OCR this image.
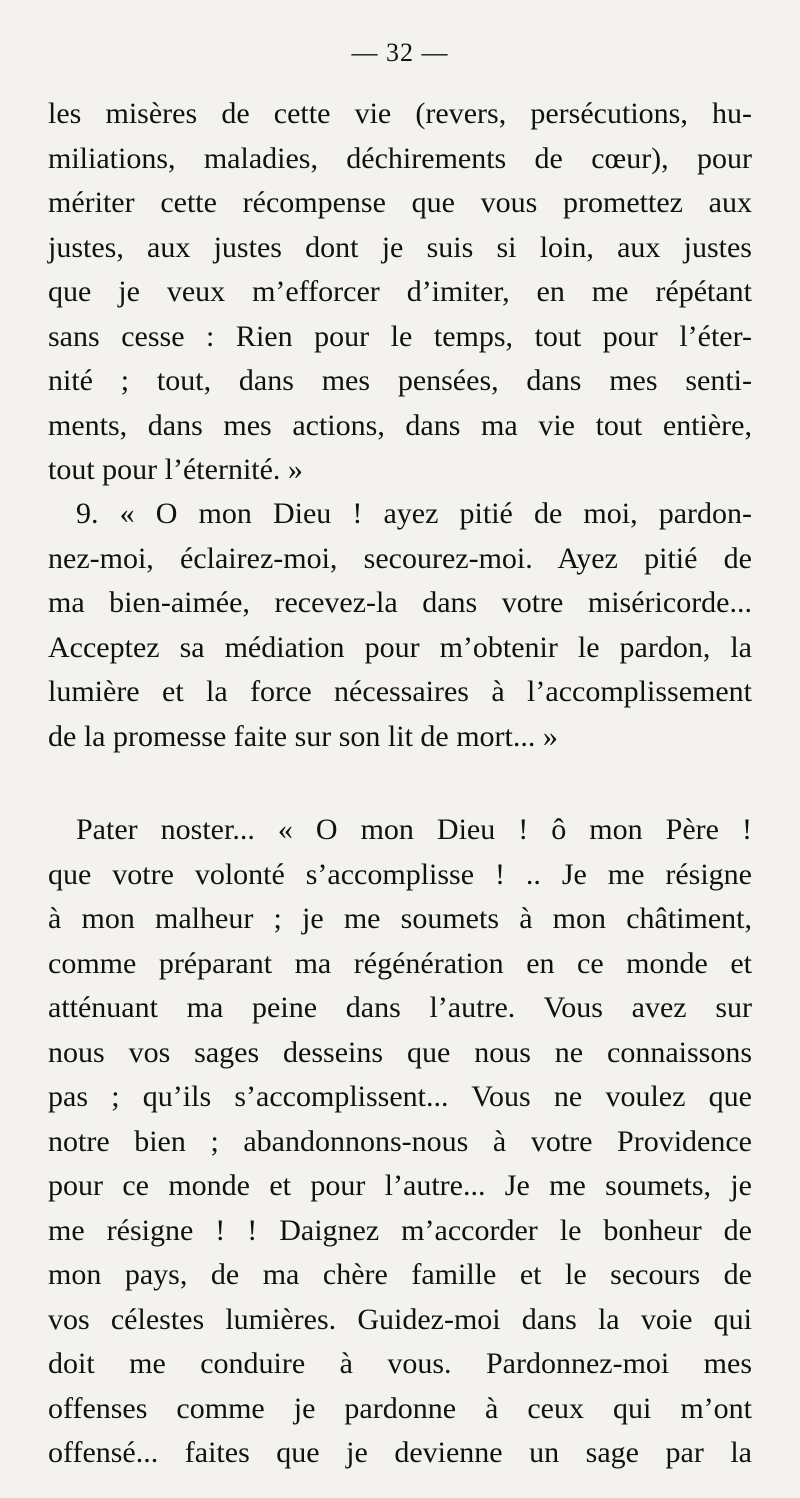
— 32 —
les misères de cette vie (revers, persécutions, hu-
miliations, maladies, déchirements de cœur), pour
mériter cette récompense que vous promettez aux
justes, aux justes dont je suis si loin, aux justes
que je veux m’efforcer d’imiter, en me répétant
sans cesse : Rien pour le temps, tout pour l’éter-
nité ; tout, dans mes pensées, dans mes senti-
ments, dans mes actions, dans ma vie tout entière,
tout pour l’éternité. »
9. « O mon Dieu ! ayez pitié de moi, pardon-
nez-moi, éclairez-moi, secourez-moi. Ayez pitié de
ma bien-aimée, recevez-la dans votre miséricorde...
Acceptez sa médiation pour m’obtenir le pardon, la
lumière et la force nécessaires à l’accomplissement
de la promesse faite sur son lit de mort... »
Pater noster... « O mon Dieu ! ô mon Père !
que votre volonté s’accomplisse ! .. Je me résigne
à mon malheur ; je me soumets à mon châtiment,
comme préparant ma régénération en ce monde et
atténuant ma peine dans l’autre. Vous avez sur
nous vos sages desseins que nous ne connaissons
pas ; qu’ils s’accomplissent... Vous ne voulez que
notre bien ; abandonnons-nous à votre Providence
pour ce monde et pour l’autre... Je me soumets, je
me résigne ! ! Daignez m’accorder le bonheur de
mon pays, de ma chère famille et le secours de
vos célestes lumières. Guidez-moi dans la voie qui
doit me conduire à vous. Pardonnez-moi mes
offenses comme je pardonne à ceux qui m’ont
offensé... faites que je devienne un sage par la
